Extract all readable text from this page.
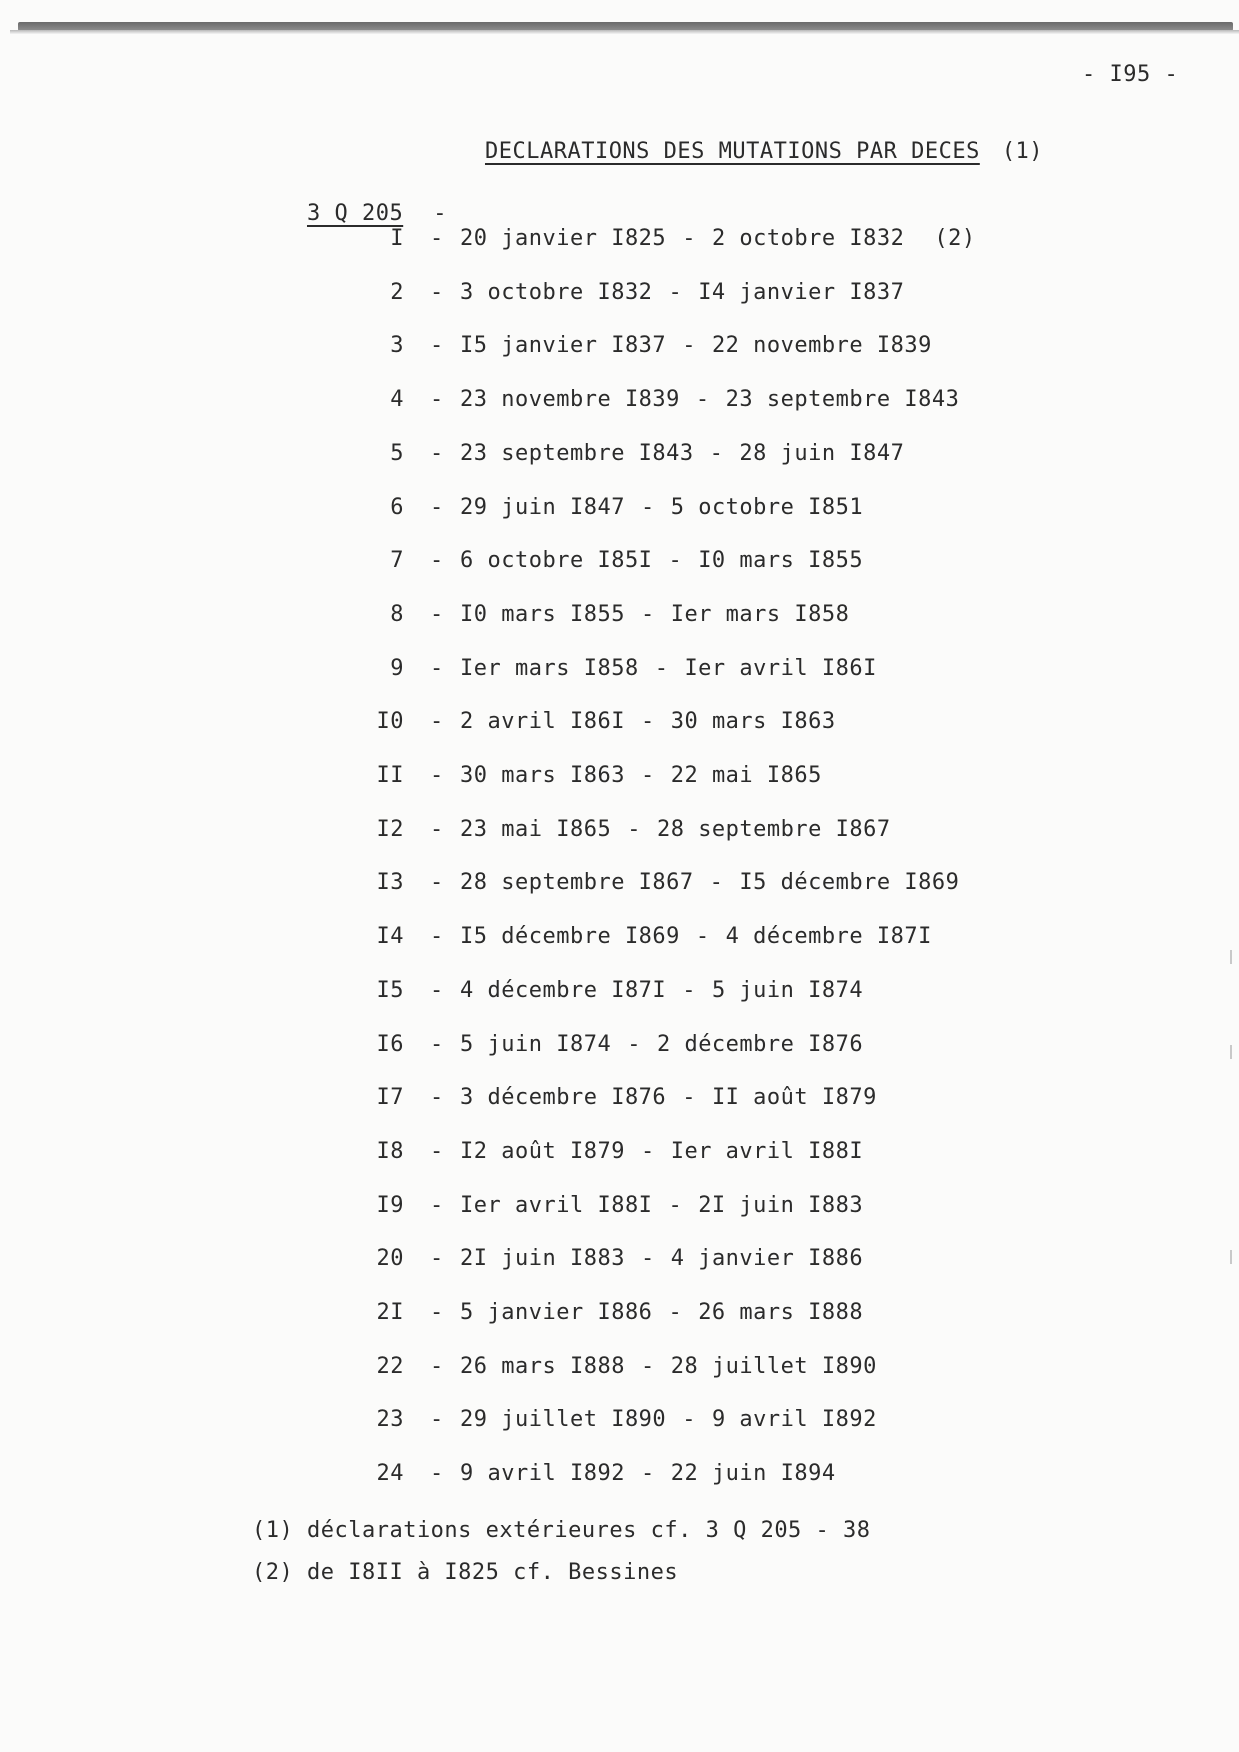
- I95 -

DECLARATIONS DES MUTATIONS PAR DECES (1)

3 Q 205 -

I - 20 janvier I825 - 2 octobre I832 (2)
2 - 3 octobre I832 - I4 janvier I837
3 - I5 janvier I837 - 22 novembre I839
4 - 23 novembre I839 - 23 septembre I843
5 - 23 septembre I843 - 28 juin I847
6 - 29 juin I847 - 5 octobre I851
7 - 6 octobre I85I - I0 mars I855
8 - I0 mars I855 - Ier mars I858
9 - Ier mars I858 - Ier avril I86I
I0 - 2 avril I86I - 30 mars I863
II - 30 mars I863 - 22 mai I865
I2 - 23 mai I865 - 28 septembre I867
I3 - 28 septembre I867 - I5 décembre I869
I4 - I5 décembre I869 - 4 décembre I87I
I5 - 4 décembre I87I - 5 juin I874
I6 - 5 juin I874 - 2 décembre I876
I7 - 3 décembre I876 - II août I879
I8 - I2 août I879 - Ier avril I88I
I9 - Ier avril I88I - 2I juin I883
20 - 2I juin I883 - 4 janvier I886
2I - 5 janvier I886 - 26 mars I888
22 - 26 mars I888 - 28 juillet I890
23 - 29 juillet I890 - 9 avril I892
24 - 9 avril I892 - 22 juin I894
(1) déclarations extérieures cf. 3 Q 205 - 38
(2) de I8II à I825 cf. Bessines
